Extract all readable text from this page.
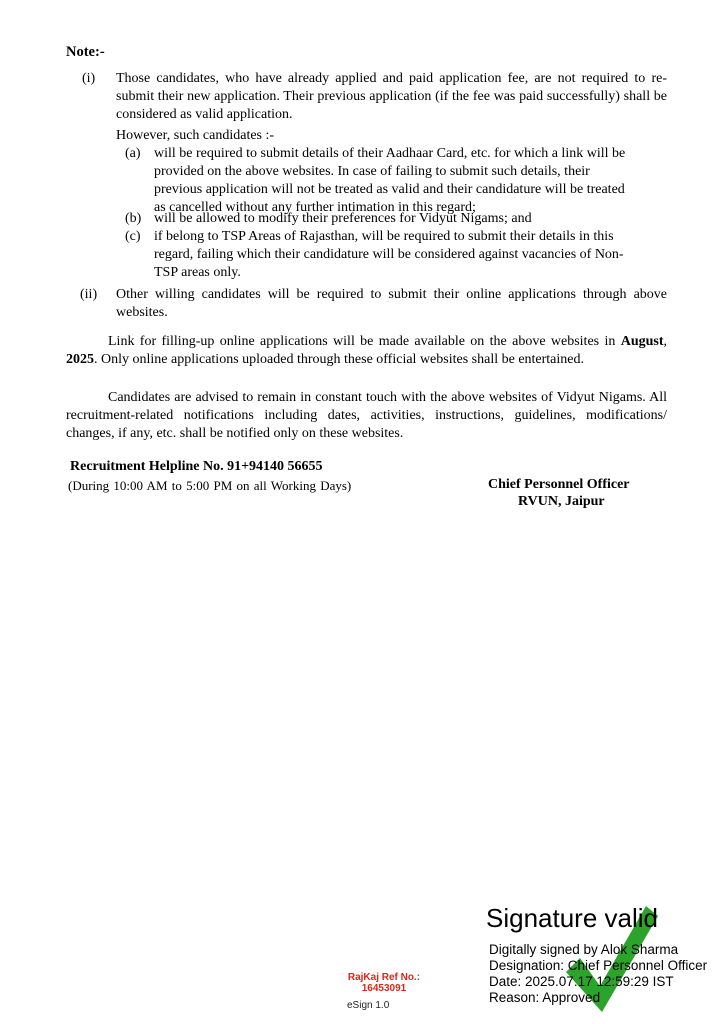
Note:-
(i) Those candidates, who have already applied and paid application fee, are not required to re-submit their new application. Their previous application (if the fee was paid successfully) shall be considered as valid application.
However, such candidates :-
(a) will be required to submit details of their Aadhaar Card, etc. for which a link will be provided on the above websites. In case of failing to submit such details, their previous application will not be treated as valid and their candidature will be treated as cancelled without any further intimation in this regard;
(b) will be allowed to modify their preferences for Vidyut Nigams; and
(c) if belong to TSP Areas of Rajasthan, will be required to submit their details in this regard, failing which their candidature will be considered against vacancies of Non-TSP areas only.
(ii) Other willing candidates will be required to submit their online applications through above websites.
Link for filling-up online applications will be made available on the above websites in August, 2025. Only online applications uploaded through these official websites shall be entertained.
Candidates are advised to remain in constant touch with the above websites of Vidyut Nigams. All recruitment-related notifications including dates, activities, instructions, guidelines, modifications/ changes, if any, etc. shall be notified only on these websites.
Recruitment Helpline No. 91+94140 56655
(During 10:00 AM to 5:00 PM on all Working Days)	Chief Personnel Officer
RVUN, Jaipur
RajKaj Ref No.:
16453091
eSign 1.0
Signature valid
Digitally signed by Alok Sharma
Designation: Chief Personnel Officer
Date: 2025.07.17 12:59:29 IST
Reason: Approved
